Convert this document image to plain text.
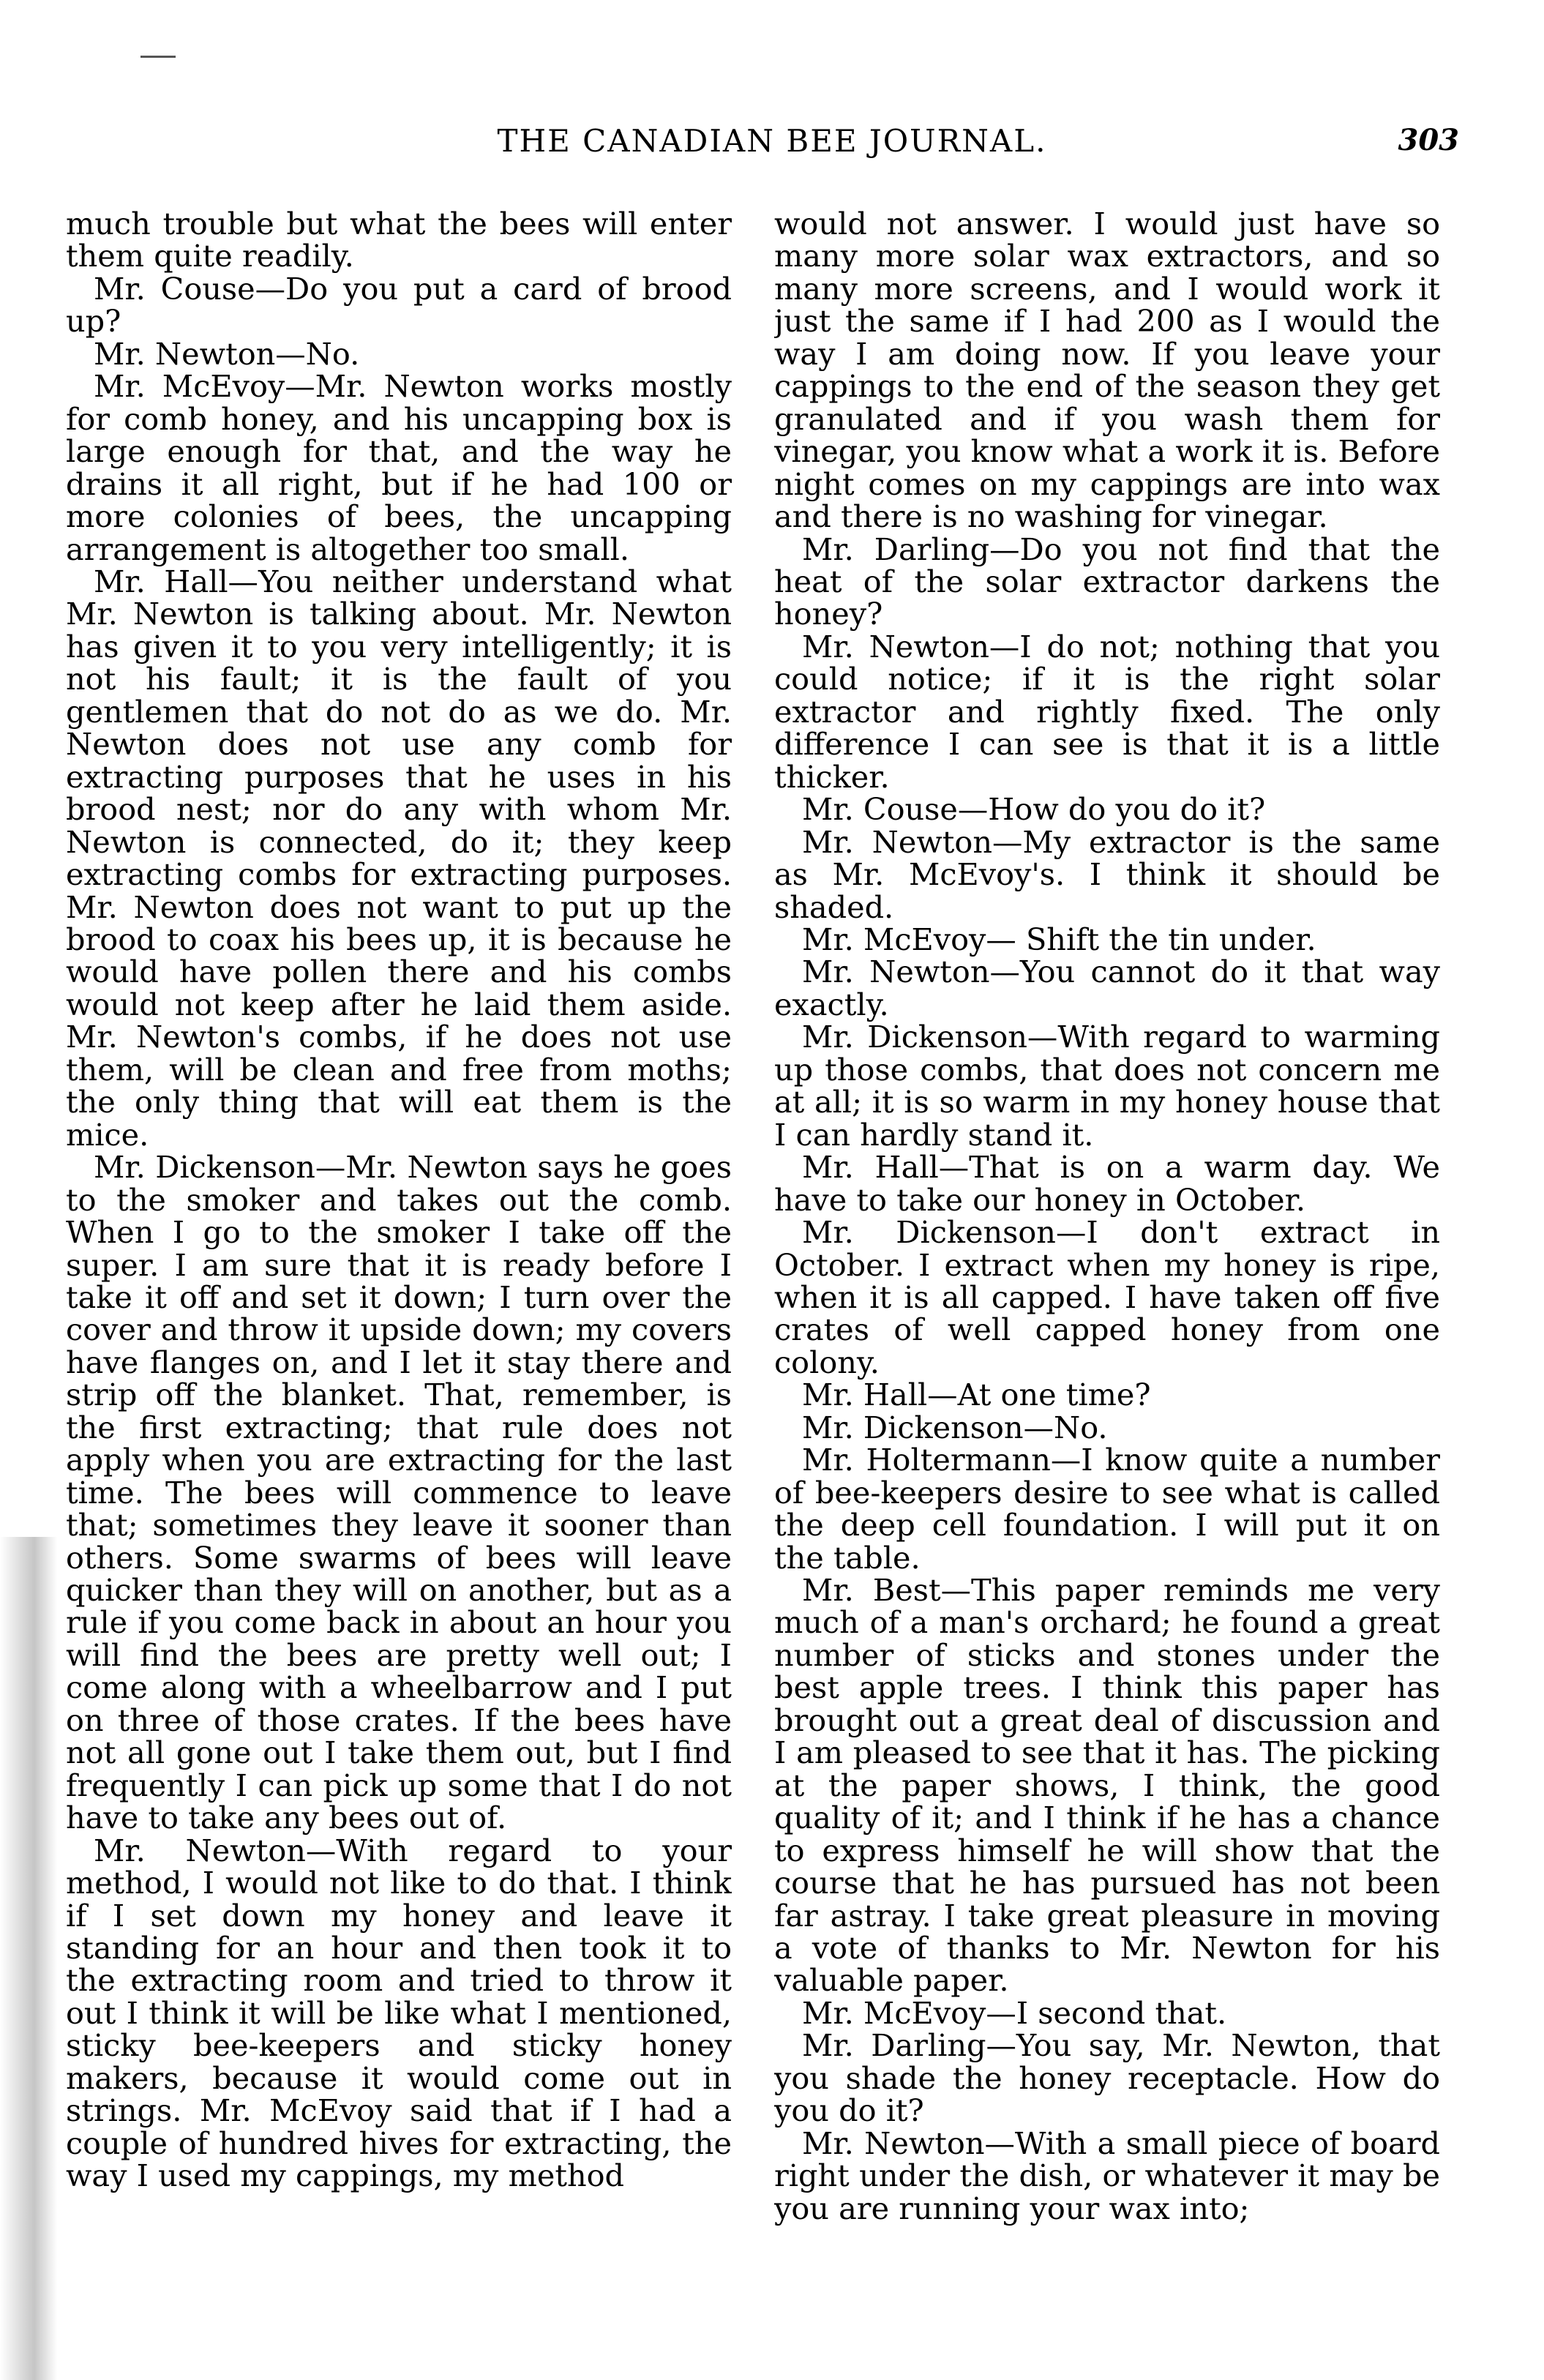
THE CANADIAN BEE JOURNAL.	303

much trouble but what the bees will enter them quite readily.

Mr. Couse—Do you put a card of brood up?

Mr. Newton—No.

Mr. McEvoy—Mr. Newton works mostly for comb honey, and his uncapping box is large enough for that, and the way he drains it all right, but if he had 100 or more colonies of bees, the uncapping arrangement is altogether too small.

Mr. Hall—You neither understand what Mr. Newton is talking about. Mr. Newton has given it to you very intelligently; it is not his fault; it is the fault of you gentlemen that do not do as we do. Mr. Newton does not use any comb for extracting purposes that he uses in his brood nest; nor do any with whom Mr. Newton is connected, do it; they keep extracting combs for extracting purposes. Mr. Newton does not want to put up the brood to coax his bees up, it is because he would have pollen there and his combs would not keep after he laid them aside. Mr. Newton's combs, if he does not use them, will be clean and free from moths; the only thing that will eat them is the mice.

Mr. Dickenson—Mr. Newton says he goes to the smoker and takes out the comb. When I go to the smoker I take off the super. I am sure that it is ready before I take it off and set it down; I turn over the cover and throw it upside down; my covers have flanges on, and I let it stay there and strip off the blanket. That, remember, is the first extracting; that rule does not apply when you are extracting for the last time. The bees will commence to leave that; sometimes they leave it sooner than others. Some swarms of bees will leave quicker than they will on another, but as a rule if you come back in about an hour you will find the bees are pretty well out; I come along with a wheelbarrow and I put on three of those crates. If the bees have not all gone out I take them out, but I find frequently I can pick up some that I do not have to take any bees out of.

Mr. Newton—With regard to your method, I would not like to do that. I think if I set down my honey and leave it standing for an hour and then took it to the extracting room and tried to throw it out I think it will be like what I mentioned, sticky bee-keepers and sticky honey makers, because it would come out in strings. Mr. McEvoy said that if I had a couple of hundred hives for extracting, the way I used my cappings, my method

would not answer. I would just have so many more solar wax extractors, and so many more screens, and I would work it just the same if I had 200 as I would the way I am doing now. If you leave your cappings to the end of the season they get granulated and if you wash them for vinegar, you know what a work it is. Before night comes on my cappings are into wax and there is no washing for vinegar.

Mr. Darling—Do you not find that the heat of the solar extractor darkens the honey?

Mr. Newton—I do not; nothing that you could notice; if it is the right solar extractor and rightly fixed. The only difference I can see is that it is a little thicker.

Mr. Couse—How do you do it?

Mr. Newton—My extractor is the same as Mr. McEvoy's. I think it should be shaded.

Mr. McEvoy— Shift the tin under.

Mr. Newton—You cannot do it that way exactly.

Mr. Dickenson—With regard to warming up those combs, that does not concern me at all; it is so warm in my honey house that I can hardly stand it.

Mr. Hall—That is on a warm day. We have to take our honey in October.

Mr. Dickenson—I don't extract in October. I extract when my honey is ripe, when it is all capped. I have taken off five crates of well capped honey from one colony.

Mr. Hall—At one time?

Mr. Dickenson—No.

Mr. Holtermann—I know quite a number of bee-keepers desire to see what is called the deep cell foundation. I will put it on the table.

Mr. Best—This paper reminds me very much of a man's orchard; he found a great number of sticks and stones under the best apple trees. I think this paper has brought out a great deal of discussion and I am pleased to see that it has. The picking at the paper shows, I think, the good quality of it; and I think if he has a chance to express himself he will show that the course that he has pursued has not been far astray. I take great pleasure in moving a vote of thanks to Mr. Newton for his valuable paper.

Mr. McEvoy—I second that.

Mr. Darling—You say, Mr. Newton, that you shade the honey receptacle. How do you do it?

Mr. Newton—With a small piece of board right under the dish, or whatever it may be you are running your wax into;
